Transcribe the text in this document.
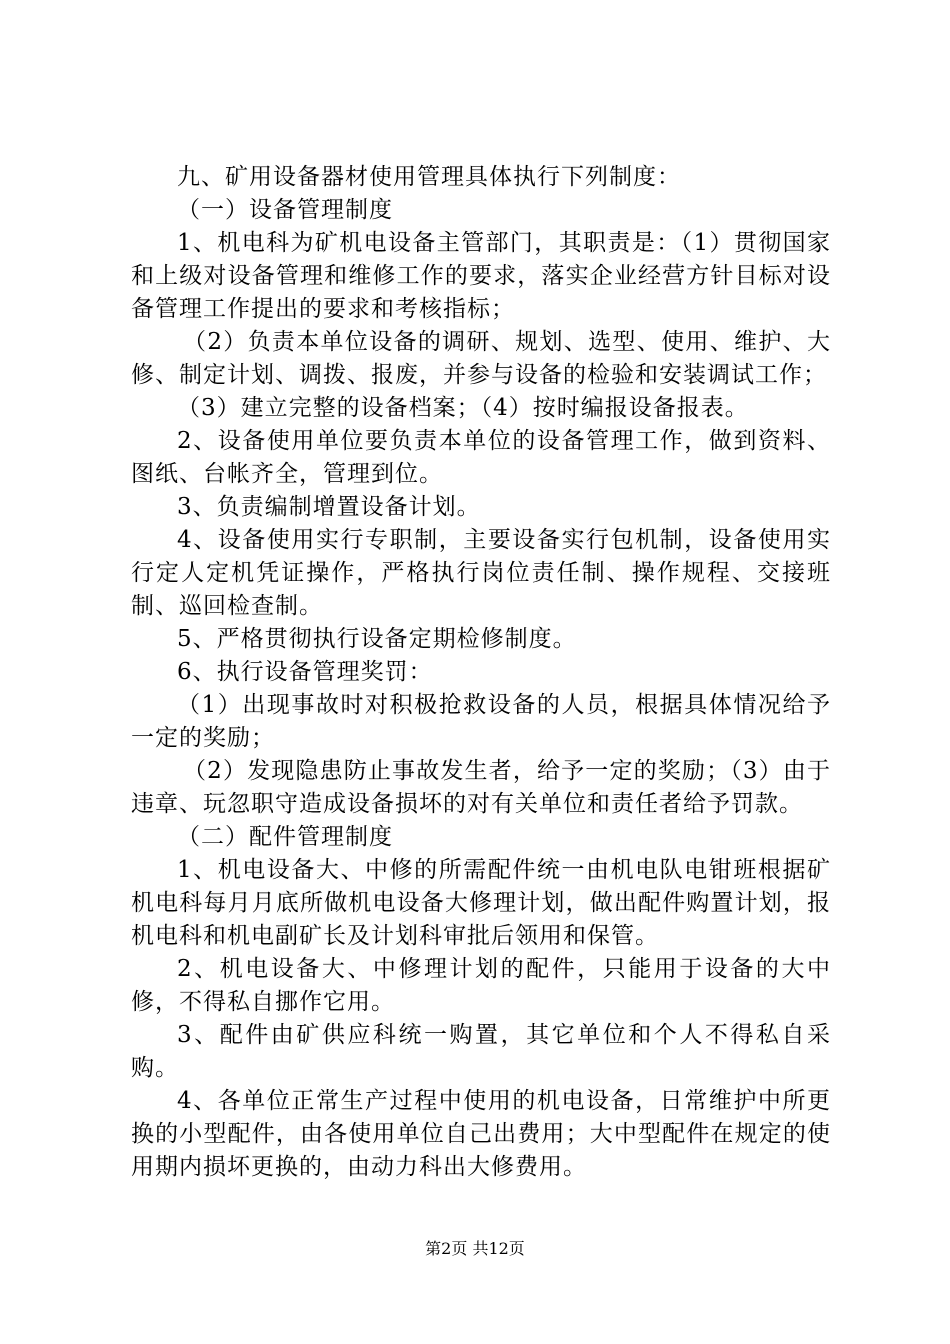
九、矿用设备器材使用管理具体执行下列制度：

（一）设备管理制度

1、机电科为矿机电设备主管部门，其职责是：（1）贯彻国家和上级对设备管理和维修工作的要求，落实企业经营方针目标对设备管理工作提出的要求和考核指标；

（2）负责本单位设备的调研、规划、选型、使用、维护、大修、制定计划、调拨、报废，并参与设备的检验和安装调试工作；

（3）建立完整的设备档案；（4）按时编报设备报表。

2、设备使用单位要负责本单位的设备管理工作，做到资料、图纸、台帐齐全，管理到位。

3、负责编制增置设备计划。

4、设备使用实行专职制，主要设备实行包机制，设备使用实行定人定机凭证操作，严格执行岗位责任制、操作规程、交接班制、巡回检查制。

5、严格贯彻执行设备定期检修制度。

6、执行设备管理奖罚：

（1）出现事故时对积极抢救设备的人员，根据具体情况给予一定的奖励；

（2）发现隐患防止事故发生者，给予一定的奖励；（3）由于违章、玩忽职守造成设备损坏的对有关单位和责任者给予罚款。

（二）配件管理制度

1、机电设备大、中修的所需配件统一由机电队电钳班根据矿机电科每月月底所做机电设备大修理计划，做出配件购置计划，报机电科和机电副矿长及计划科审批后领用和保管。

2、机电设备大、中修理计划的配件，只能用于设备的大中修，不得私自挪作它用。

3、配件由矿供应科统一购置，其它单位和个人不得私自采购。

4、各单位正常生产过程中使用的机电设备，日常维护中所更换的小型配件，由各使用单位自己出费用；大中型配件在规定的使用期内损坏更换的，由动力科出大修费用。

第2页 共12页
